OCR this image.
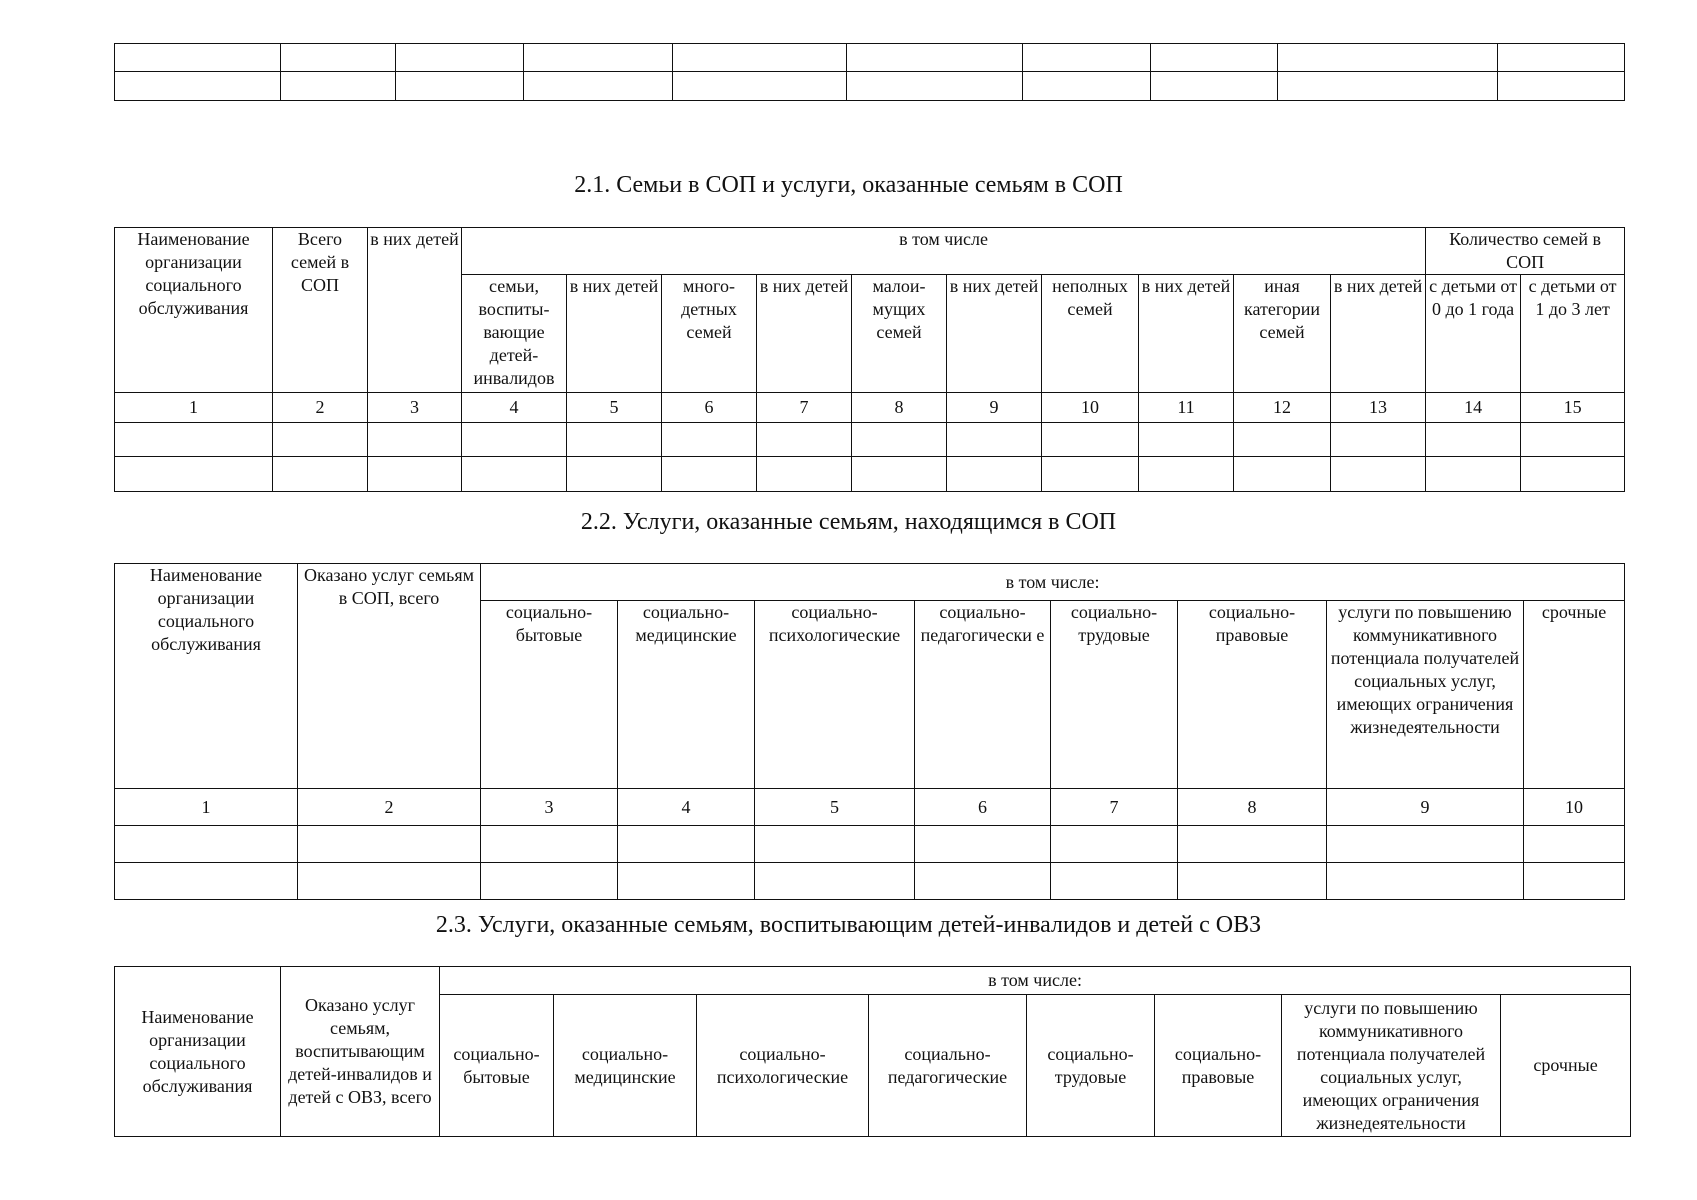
2.1. Семьи в СОП и услуги, оказанные семьям в СОП
Наименование организации социального обслуживания	Всего семей в СОП	в них детей	в том числе										Количество семей в СОП	
			семьи, воспиты-вающие детей-инвалидов	в них детей	много-детных семей	в них детей	малои-мущих семей	в них детей	неполных семей	в них детей	иная категории семей	в них детей	с детьми от 0 до 1 года	с детьми от 1 до 3 лет
1	2	3	4	5	6	7	8	9	10	11	12	13	14	15

2.2. Услуги, оказанные семьям, находящимся в СОП
Наименование организации социального обслуживания	Оказано услуг семьям в СОП, всего	в том числе:							
		социально-бытовые	социально-медицинские	социально-психологические	социально-педагогически е	социально-трудовые	социально-правовые	услуги по повышению коммуникативного потенциала получателей социальных услуг, имеющих ограничения жизнедеятельности	срочные
1	2	3	4	5	6	7	8	9	10

2.3. Услуги, оказанные семьям, воспитывающим детей-инвалидов и детей с ОВЗ
Наименование организации социального обслуживания	Оказано услуг семьям, воспитывающим детей-инвалидов и детей с ОВЗ, всего	в том числе:							
		социально-бытовые	социально-медицинские	социально-психологические	социально-педагогические	социально-трудовые	социально-правовые	услуги по повышению коммуникативного потенциала получателей социальных услуг, имеющих ограничения жизнедеятельности	срочные
